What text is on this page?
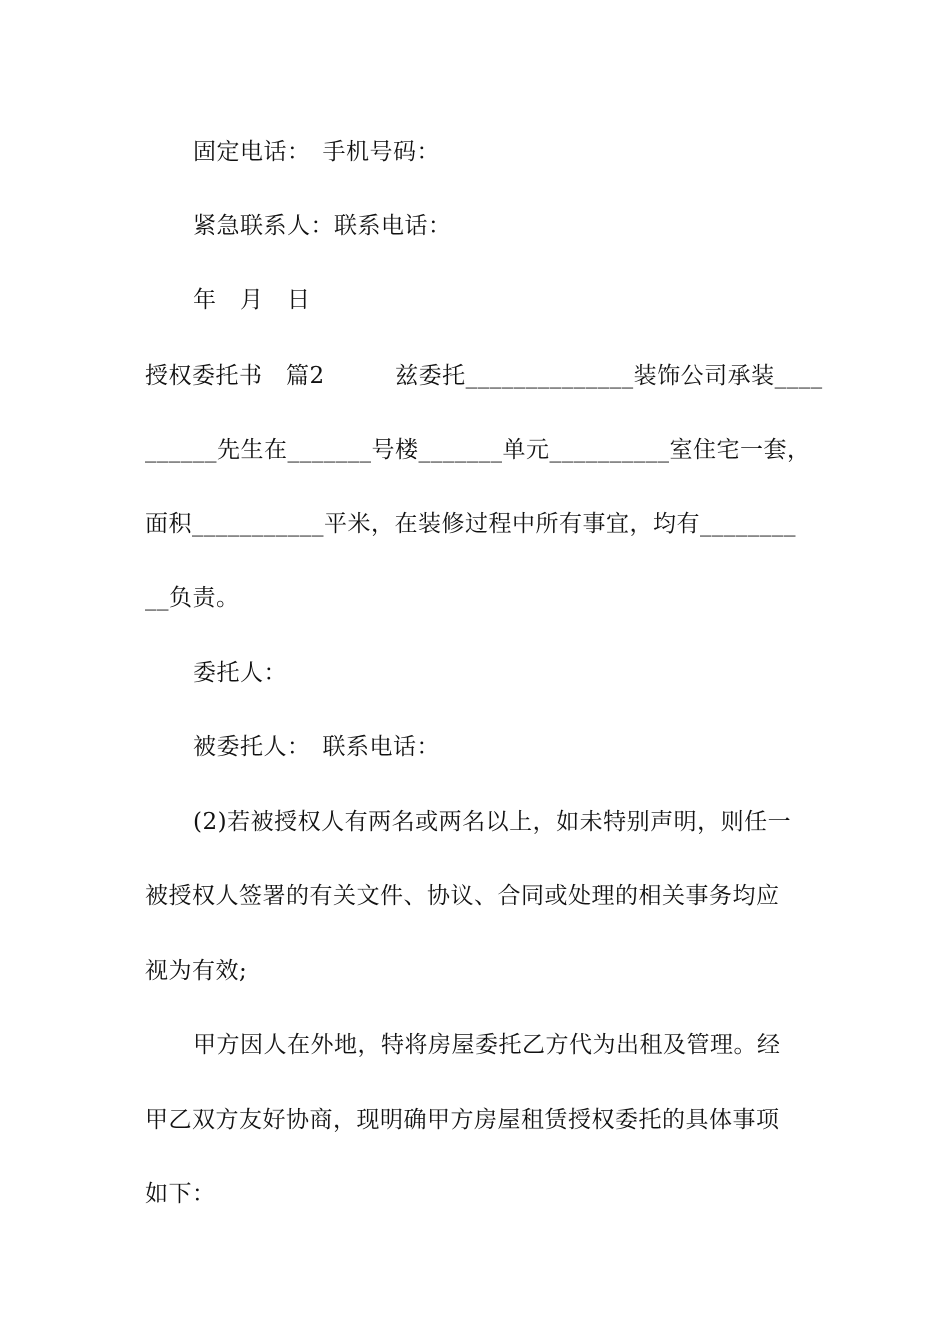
固定电话：　手机号码：
紧急联系人：联系电话：
年　月　日
授权委托书　篇2　　　兹委托______________装饰公司承装____
______先生在_______号楼_______单元__________室住宅一套，
面积___________平米，在装修过程中所有事宜，均有________
__负责。
委托人：
被委托人：　联系电话：
(2)若被授权人有两名或两名以上，如未特别声明，则任一
被授权人签署的有关文件、协议、合同或处理的相关事务均应
视为有效;
甲方因人在外地，特将房屋委托乙方代为出租及管理。经
甲乙双方友好协商，现明确甲方房屋租赁授权委托的具体事项
如下：
